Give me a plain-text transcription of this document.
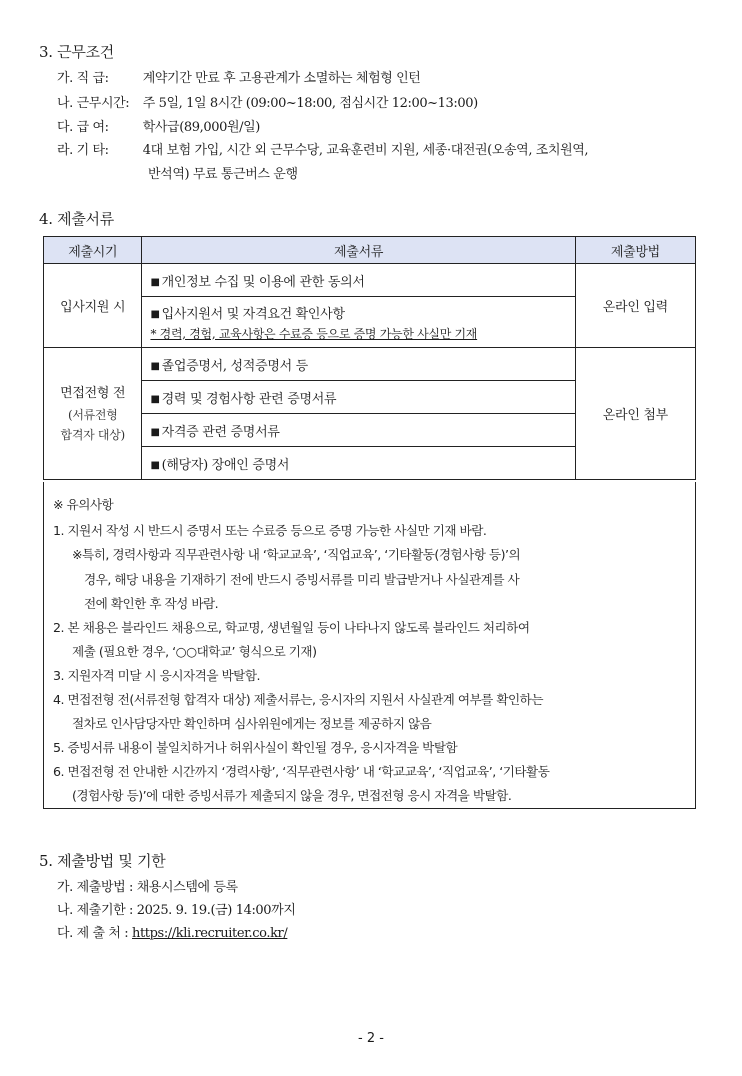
3. 근무조건
가. 직 급:	계약기간 만료 후 고용관계가 소멸하는 체험형 인턴
나. 근무시간: 주 5일, 1일 8시간 (09:00~18:00, 점심시간 12:00~13:00)
다. 급 여:	학사급(89,000원/일)
라. 기 타:	4대 보험 가입, 시간 외 근무수당, 교육훈련비 지원, 세종·대전권(오송역, 조치원역,
반석역) 무료 통근버스 운행
4. 제출서류
제출시기	제출서류	제출방법
입사지원 시	■ 개인정보 수집 및 이용에 관한 동의서	온라인 입력
	■ 입사지원서 및 자격요건 확인사항
* 경력, 경험, 교육사항은 수료증 등으로 증명 가능한 사실만 기재	

면접전형 전
(서류전형
합격자 대상)	■ 졸업증명서, 성적증명서 등	온라인 첨부
	■ 경력 및 경험사항 관련 증명서류	
	■ 자격증 관련 증명서류	
	■ (해당자) 장애인 증명서	
※ 유의사항
1. 지원서 작성 시 반드시 증명서 또는 수료증 등으로 증명 가능한 사실만 기재 바람.
※특히, 경력사항과 직무관련사항 내 ‘학교교육’, ‘직업교육’, ‘기타활동(경험사항 등)’의
경우, 해당 내용을 기재하기 전에 반드시 증빙서류를 미리 발급받거나 사실관계를 사
전에 확인한 후 작성 바람.
2. 본 채용은 블라인드 채용으로, 학교명, 생년월일 등이 나타나지 않도록 블라인드 처리하여
제출 (필요한 경우, ‘○○대학교’ 형식으로 기재)
3. 지원자격 미달 시 응시자격을 박탈함.
4. 면접전형 전(서류전형 합격자 대상) 제출서류는, 응시자의 지원서 사실관계 여부를 확인하는
절차로 인사담당자만 확인하며 심사위원에게는 정보를 제공하지 않음
5. 증빙서류 내용이 불일치하거나 허위사실이 확인될 경우, 응시자격을 박탈함
6. 면접전형 전 안내한 시간까지 ‘경력사항’, ‘직무관련사항’ 내 ‘학교교육’, ‘직업교육’, ‘기타활동
(경험사항 등)’에 대한 증빙서류가 제출되지 않을 경우, 면접전형 응시 자격을 박탈함.
5. 제출방법 및 기한
가. 제출방법 : 채용시스템에 등록
나. 제출기한 : 2025. 9. 19.(금) 14:00까지
다. 제 출 처 : https://kli.recruiter.co.kr/
- 2 -
